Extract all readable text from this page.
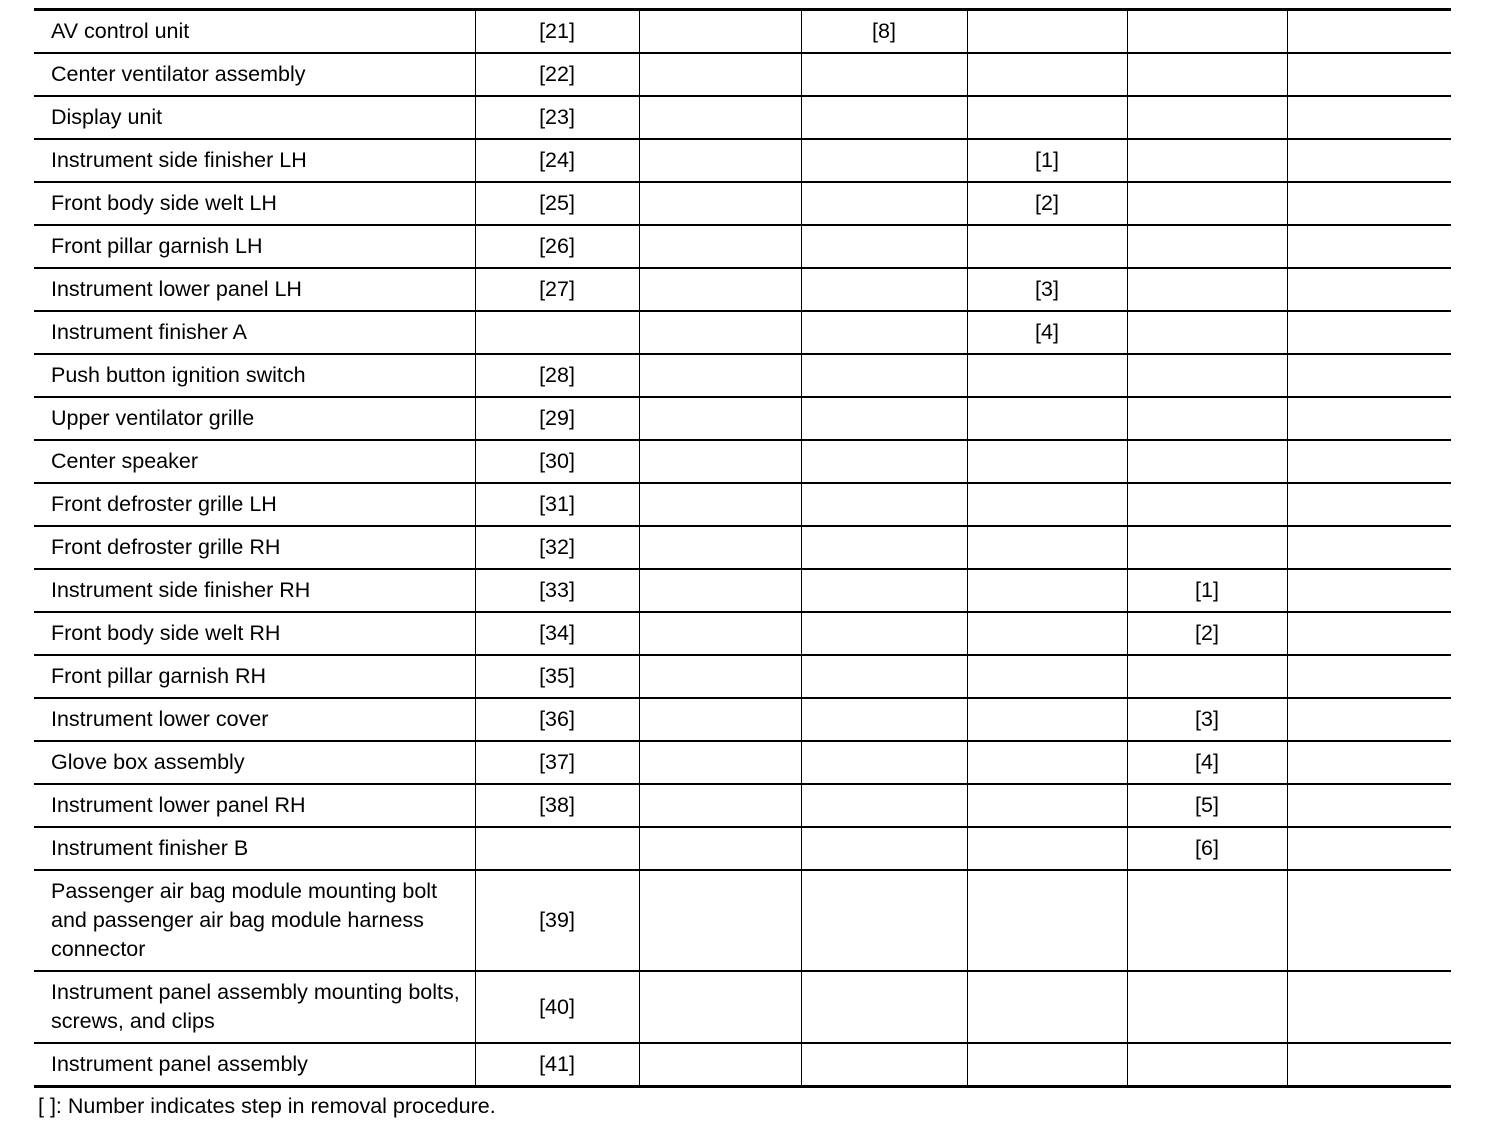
AV control unit	[21]		[8]			
Center ventilator assembly	[22]					
Display unit	[23]					
Instrument side finisher LH	[24]			[1]		
Front body side welt LH	[25]			[2]		
Front pillar garnish LH	[26]					
Instrument lower panel LH	[27]			[3]		
Instrument finisher A				[4]		
Push button ignition switch	[28]					
Upper ventilator grille	[29]					
Center speaker	[30]					
Front defroster grille LH	[31]					
Front defroster grille RH	[32]					
Instrument side finisher RH	[33]				[1]	
Front body side welt RH	[34]				[2]	
Front pillar garnish RH	[35]					
Instrument lower cover	[36]				[3]	
Glove box assembly	[37]				[4]	
Instrument lower panel RH	[38]				[5]	
Instrument finisher B					[6]	
Passenger air bag module mounting bolt and passenger air bag module harness connector	[39]					
Instrument panel assembly mounting bolts, screws, and clips	[40]					
Instrument panel assembly	[41]					
[ ]: Number indicates step in removal procedure.
